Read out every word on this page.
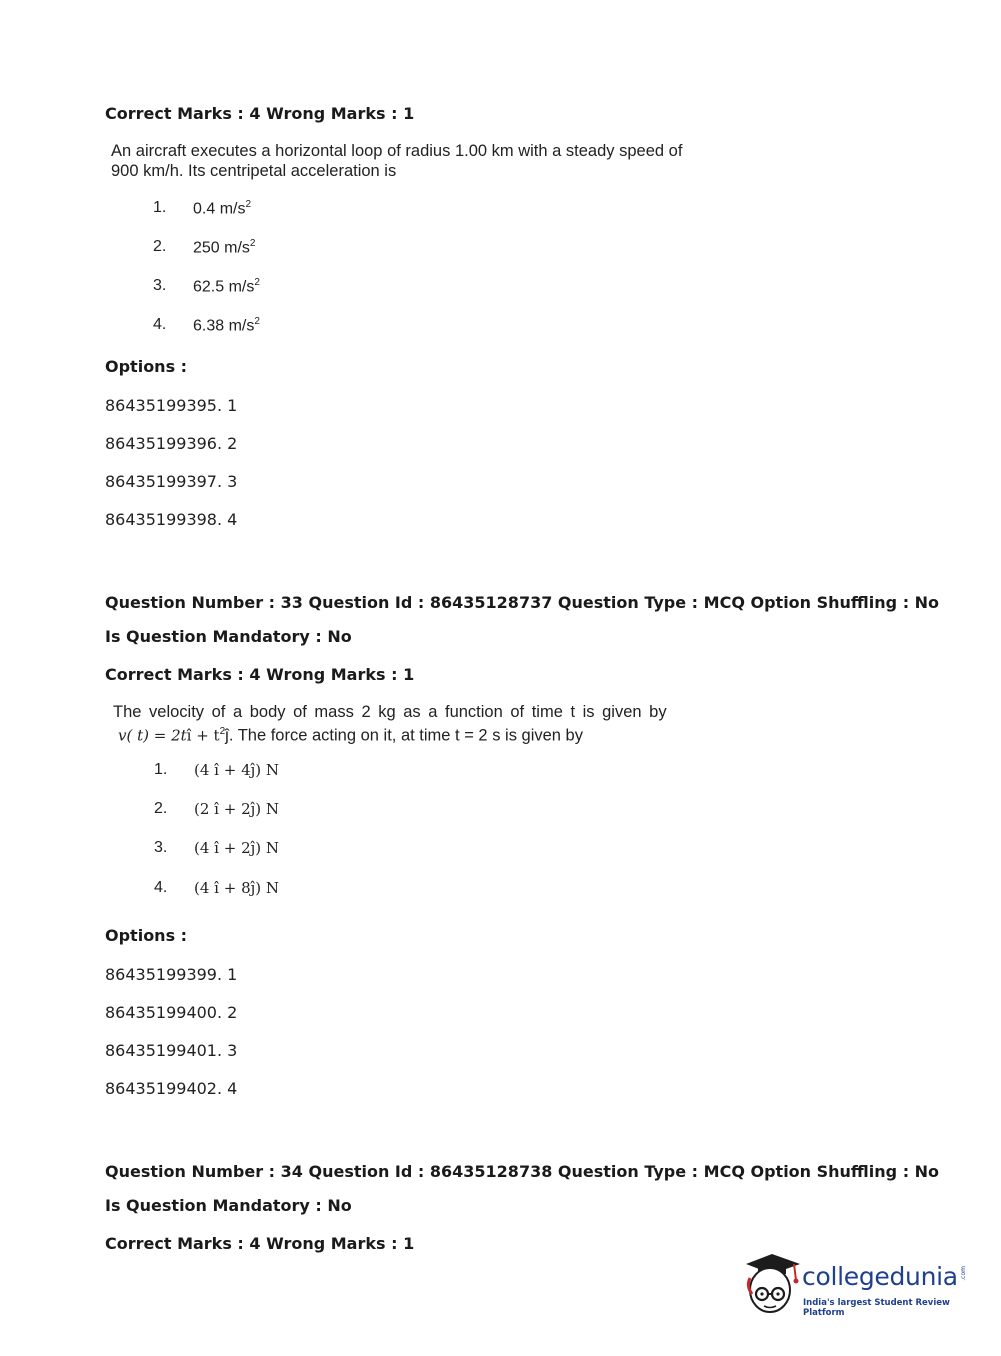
Correct Marks : 4 Wrong Marks : 1
An aircraft executes a horizontal loop of radius 1.00 km with a steady speed of
900 km/h. Its centripetal acceleration is
1. 0.4 $m/s^2$
2. 250 $m/s^2$
3. 62.5 $m/s^2$
4. 6.38 $m/s^2$
Options :
86435199395. 1
86435199396. 2
86435199397. 3
86435199398. 4
Question Number : 33 Question Id : 86435128737 Question Type : MCQ Option Shuffling : No
Is Question Mandatory : No
Correct Marks : 4 Wrong Marks : 1
The velocity of a body of mass 2 kg as a function of time t is given by
v( t) = 2tî + $t^2ĵ$. The force acting on it, at time t = 2 s is given by
1. (4 î + 4ĵ) N
2. (2 î + 2ĵ) N
3. (4 î + 2ĵ) N
4. (4 î + 8ĵ) N
Options :
86435199399. 1
86435199400. 2
86435199401. 3
86435199402. 4
Question Number : 34 Question Id : 86435128738 Question Type : MCQ Option Shuffling : No
Is Question Mandatory : No
Correct Marks : 4 Wrong Marks : 1
collegedunia .com
India's largest Student Review Platform
